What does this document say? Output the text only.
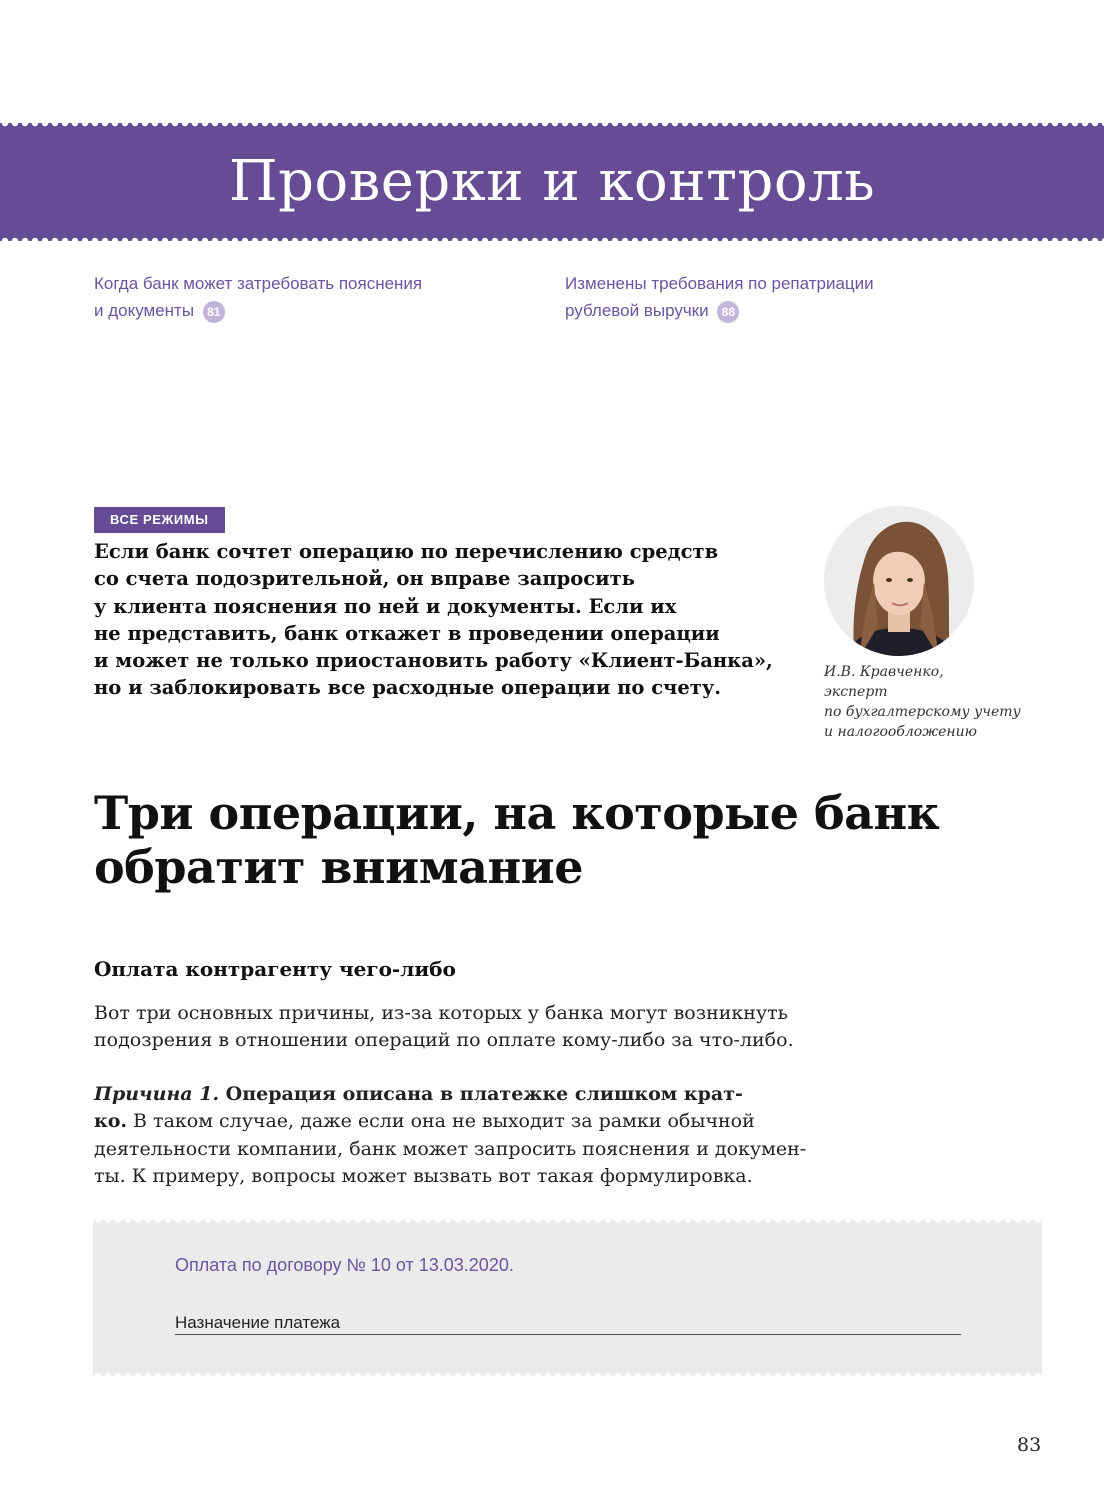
Проверки и контроль
Когда банк может затребовать пояснения
и документы 81
Изменены требования по репатриации
рублевой выручки 88
ВСЕ РЕЖИМЫ
Если банк сочтет операцию по перечислению средств
со счета подозрительной, он вправе запросить
у клиента пояснения по ней и документы. Если их
не представить, банк откажет в проведении операции
и может не только приостановить работу «Клиент-Банка»,
но и заблокировать все расходные операции по счету.
И.В. Кравченко,
эксперт
по бухгалтерскому учету
и налогообложению
Три операции, на которые банк
обратит внимание
Оплата контрагенту чего-либо
Вот три основных причины, из-за которых у банка могут возникнуть
подозрения в отношении операций по оплате кому-либо за что-либо.
Причина 1. Операция описана в платежке слишком крат-
ко. В таком случае, даже если она не выходит за рамки обычной
деятельности компании, банк может запросить пояснения и докумен-
ты. К примеру, вопросы может вызвать вот такая формулировка.
Оплата по договору № 10 от 13.03.2020.
Назначение платежа
83
